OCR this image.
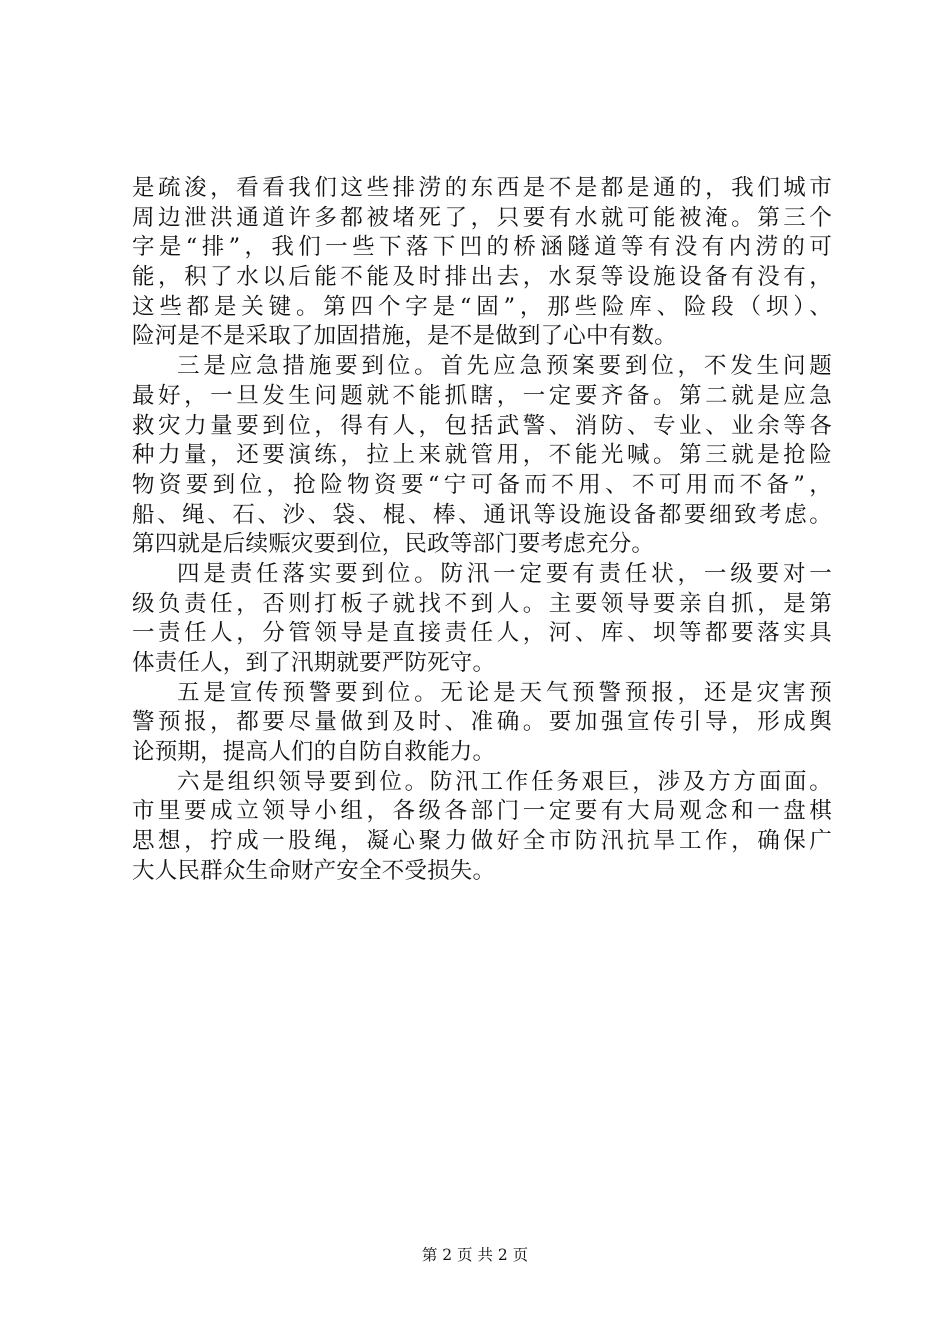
是疏浚，看看我们这些排涝的东西是不是都是通的，我们城市
周边泄洪通道许多都被堵死了，只要有水就可能被淹。第三个
字是“排”，我们一些下落下凹的桥涵隧道等有没有内涝的可
能，积了水以后能不能及时排出去，水泵等设施设备有没有，
这些都是关键。第四个字是“固”，那些险库、险段（坝）、
险河是不是采取了加固措施，是不是做到了心中有数。
三是应急措施要到位。首先应急预案要到位，不发生问题
最好，一旦发生问题就不能抓瞎，一定要齐备。第二就是应急
救灾力量要到位，得有人，包括武警、消防、专业、业余等各
种力量，还要演练，拉上来就管用，不能光喊。第三就是抢险
物资要到位，抢险物资要“宁可备而不用、不可用而不备”，
船、绳、石、沙、袋、棍、棒、通讯等设施设备都要细致考虑。
第四就是后续赈灾要到位，民政等部门要考虑充分。
四是责任落实要到位。防汛一定要有责任状，一级要对一
级负责任，否则打板子就找不到人。主要领导要亲自抓，是第
一责任人，分管领导是直接责任人，河、库、坝等都要落实具
体责任人，到了汛期就要严防死守。
五是宣传预警要到位。无论是天气预警预报，还是灾害预
警预报，都要尽量做到及时、准确。要加强宣传引导，形成舆
论预期，提高人们的自防自救能力。
六是组织领导要到位。防汛工作任务艰巨，涉及方方面面。
市里要成立领导小组，各级各部门一定要有大局观念和一盘棋
思想，拧成一股绳，凝心聚力做好全市防汛抗旱工作，确保广
大人民群众生命财产安全不受损失。
第 2 页 共 2 页
